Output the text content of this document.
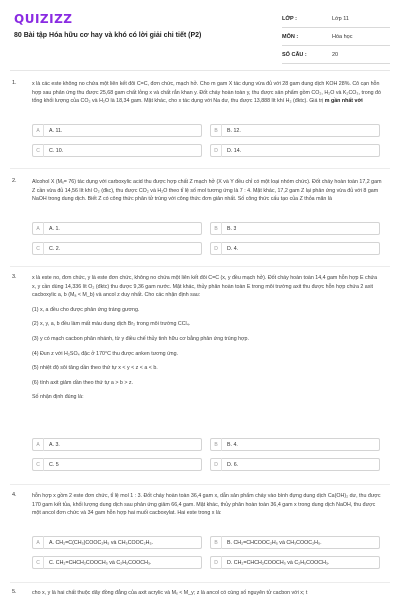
QUIZIZZ
80 Bài tập Hóa hữu cơ hay và khó có lời giải chi tiết (P2)
LỚP :	Lớp 11
MÔN :	Hóa học
SỐ CÂU :	20
1.	x là các este không no chứa một liên kết đôi C=C, đơn chức, mạch hở. Cho m gam X tác dụng vừa đủ với 28 gam dung dịch KOH 28%. Cô cạn hỗn hợp sau phản ứng thu được 25,68 gam chất lỏng x và chất rắn khan y. Đốt cháy hoàn toàn y, thu được sản phẩm gồm CO₂, H₂O và K₂CO₃, trong đó tổng khối lượng của CO₂ và H₂O là 18,34 gam. Mặt khác, cho x tác dụng với Na dư, thu được 13,888 lít khí H₂ (đktc). Giá trị m gần nhất với

A	A. 11.	B	B. 12.
C	C. 10.	D	D. 14.
2.	Alcohol X (Mₓ= 76) tác dụng với carboxylic acid thu được hợp chất Z mạch hở (X và Y đều chỉ có một loại nhóm chức). Đốt cháy hoàn toàn 17,2 gam Z cần vừa đủ 14,56 lít khí O₂ (đkc), thu được CO₂ và H₂O theo tỉ lệ số mol tương ứng là 7 : 4. Mặt khác, 17,2 gam Z lại phản ứng vừa đủ với 8 gam NaOH trong dung dịch. Biết Z có công thức phân tử trùng với công thức đơn giản nhất. Số công thức cấu tạo của Z thỏa mãn là

A	A. 1.	B	B. 3
C	C. 2.	D	D. 4.
3.	x là este no, đơn chức, y là este đơn chức, không no chứa một liên kết đôi C=C (x, y đều mạch hở). Đốt cháy hoàn toàn 14,4 gam hỗn hợp E chứa x, y cần dùng 14,336 lít O₂ (đktc) thu được 9,36 gam nước. Mặt khác, thủy phân hoàn toàn E trong môi trường axit thu được hỗn hợp chứa 2 axit cacboxylic a, b (Mₐ < M_b) và ancol z duy nhất. Cho các nhận định sau:

(1) x, a đều cho được phản ứng tráng gương.

(2) x, y, a, b đều làm mất màu dung dịch Br₂ trong môi trường CCl₄.

(3) y có mạch cacbon phân nhánh, từ y điều chế thủy tinh hữu cơ bằng phản ứng trùng hợp.

(4) Đun z với H₂SO₄ đặc ở 170°C thu được anken tương ứng.

(5) nhiệt độ sôi tăng dần theo thứ tự x < y < z < a < b.

(6) tính axit giảm dần theo thứ tự a > b > z.

Số nhận định đúng là:

A	A. 3.	B	B. 4.
C	C. 5	D	D. 6.
4.	hỗn hợp x gồm 2 este đơn chức, tỉ lệ mol 1 : 3. Đốt cháy hoàn toàn 36,4 gam x, dẫn sản phẩm cháy vào bình đựng dung dịch Ca(OH)₂ dư, thu được 170 gam kết tủa, khối lượng dung dịch sau phản ứng giảm 66,4 gam. Mặt khác, thủy phân hoàn toàn 36,4 gam x trong dung dịch NaOH, thu được một ancol đơn chức và 34 gam hỗn hợp hai muối cacboxylat. Hai este trong x là:

A	A. CH₂=C(CH₃)COOC₂H₅ và CH₃COOC₂H₅.	B	B. CH₂=CHCOOC₂H₅ và CH₃COOC₂H₅.
C	C. CH₂=CHCH₂COOCH₃ và C₂H₅COOCH₃.	D	D. CH₂=CHCH₂COOCH₃ và C₂H₅COOCH₃.
5.	cho x, y là hai chất thuộc dãy đồng đẳng của axit acrylic và Mₓ < M_y; z là ancol có cùng số nguyên tử cacbon với x; t
